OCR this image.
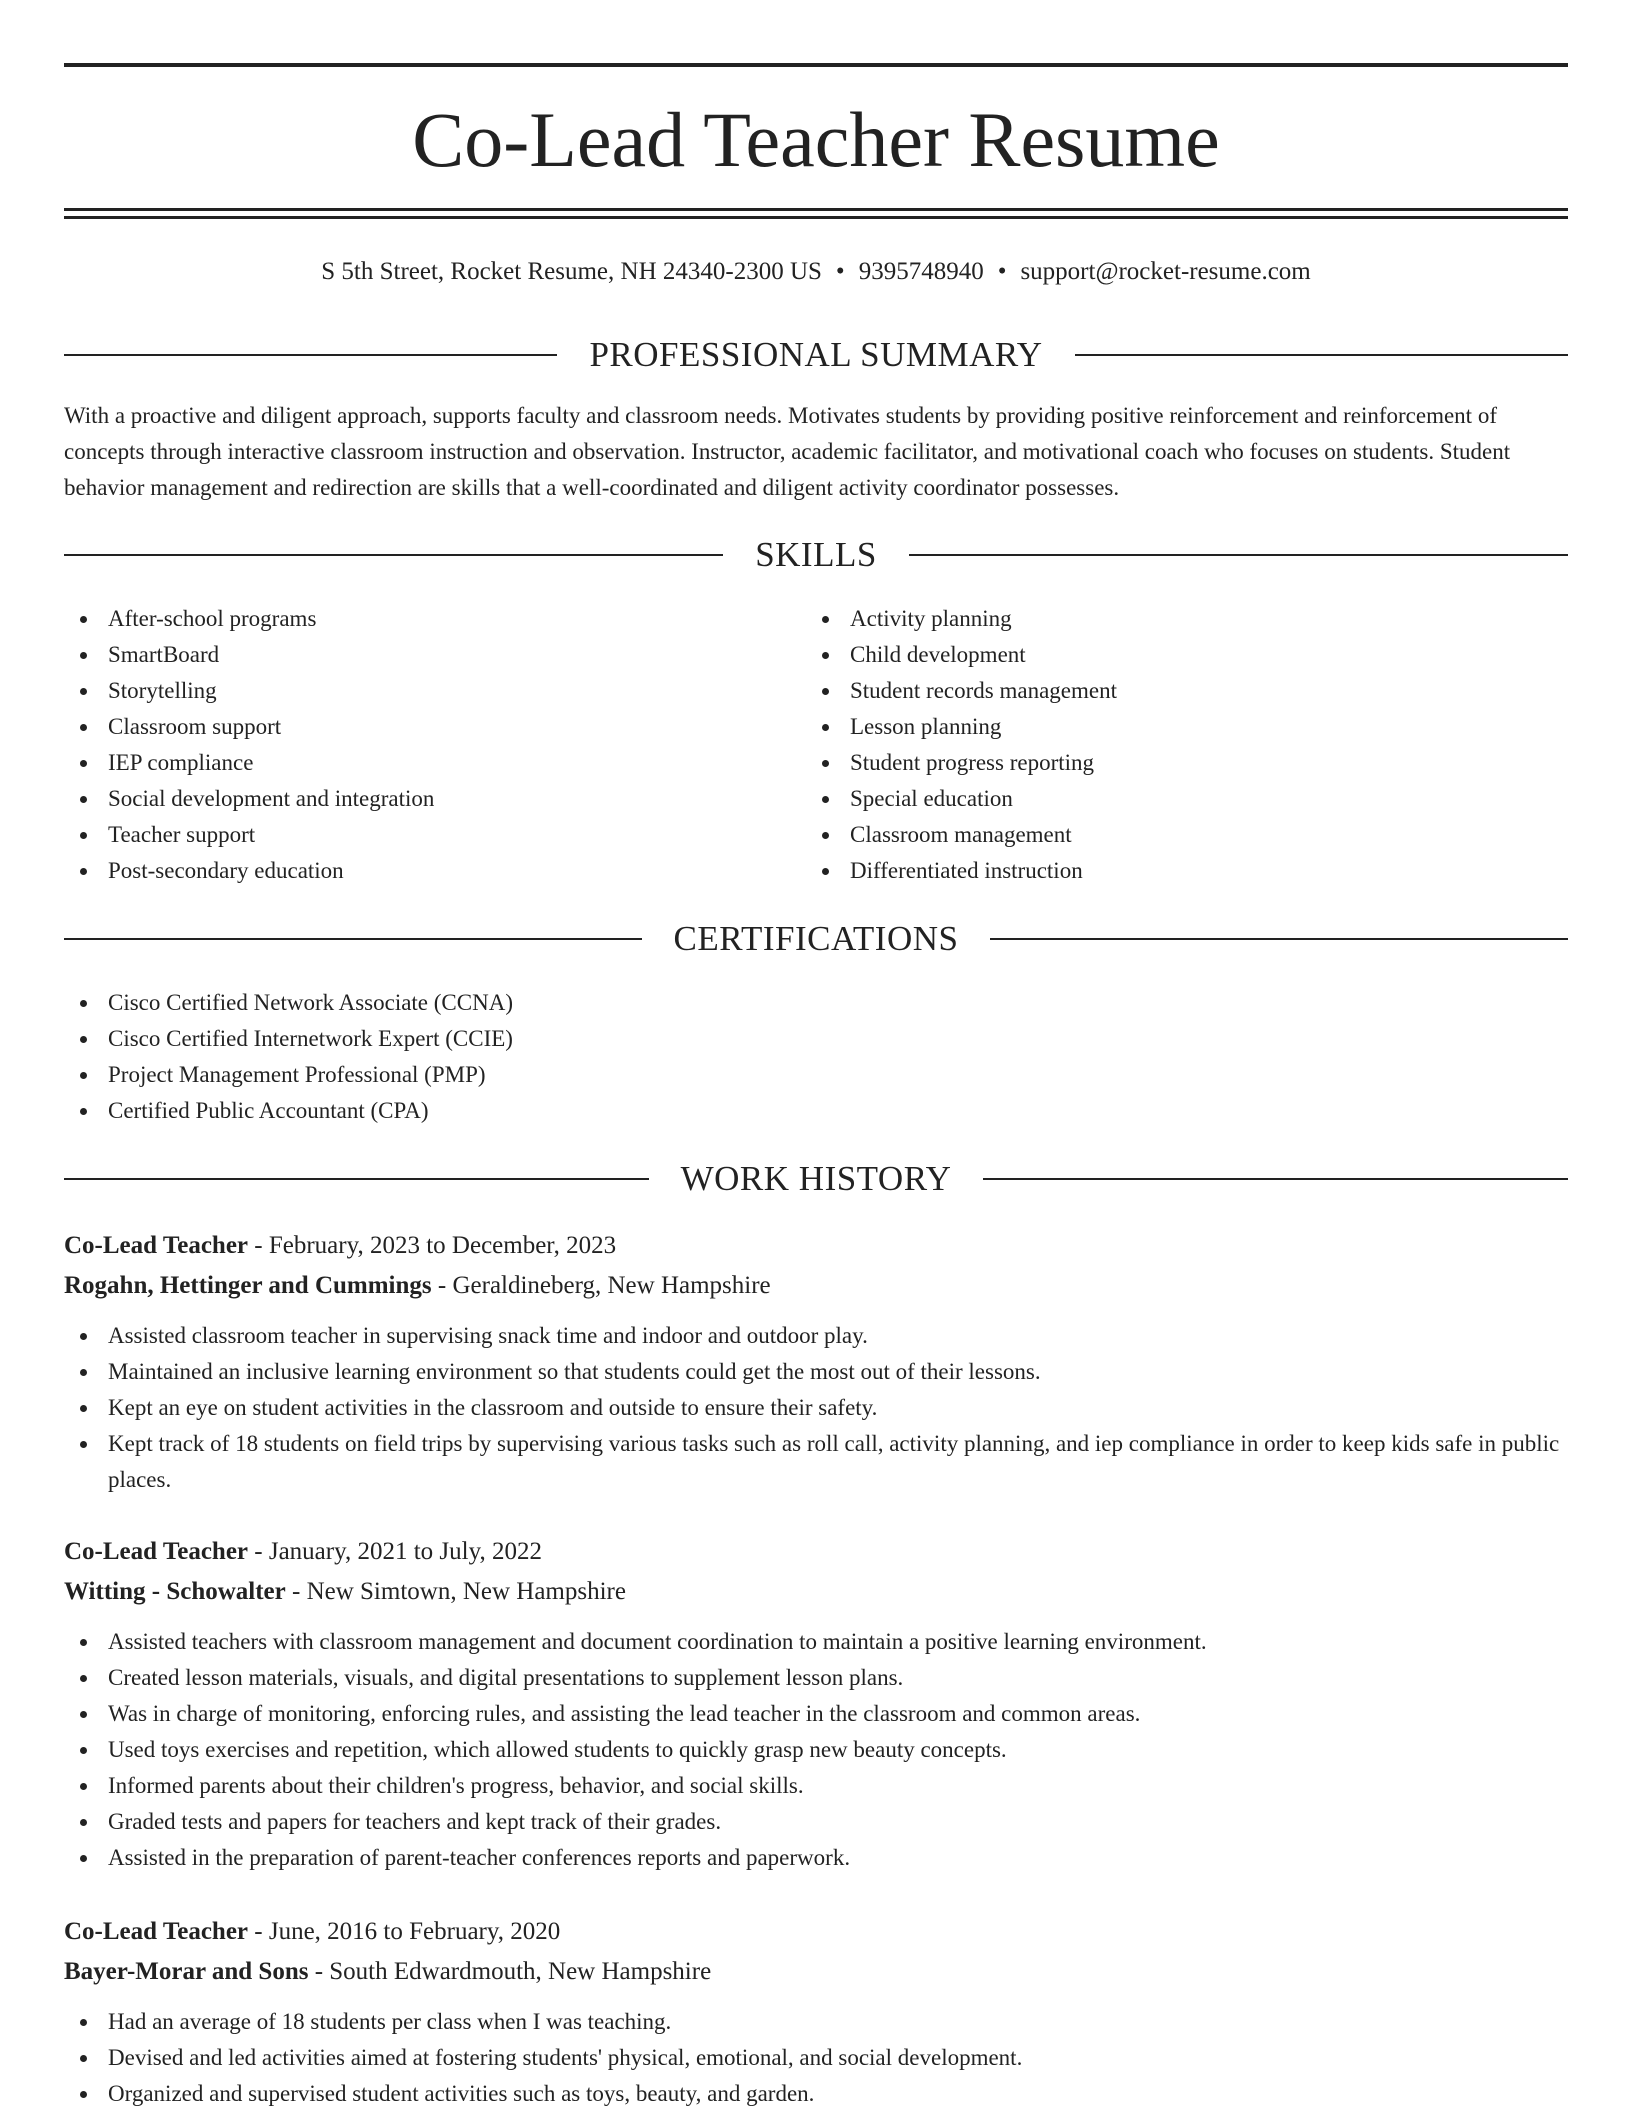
Co-Lead Teacher Resume
S 5th Street, Rocket Resume, NH 24340-2300 US • 9395748940 • support@rocket-resume.com
PROFESSIONAL SUMMARY
With a proactive and diligent approach, supports faculty and classroom needs. Motivates students by providing positive reinforcement and reinforcement of concepts through interactive classroom instruction and observation. Instructor, academic facilitator, and motivational coach who focuses on students. Student behavior management and redirection are skills that a well-coordinated and diligent activity coordinator possesses.
SKILLS
After-school programs
SmartBoard
Storytelling
Classroom support
IEP compliance
Social development and integration
Teacher support
Post-secondary education
Activity planning
Child development
Student records management
Lesson planning
Student progress reporting
Special education
Classroom management
Differentiated instruction
CERTIFICATIONS
Cisco Certified Network Associate (CCNA)
Cisco Certified Internetwork Expert (CCIE)
Project Management Professional (PMP)
Certified Public Accountant (CPA)
WORK HISTORY
Co-Lead Teacher - February, 2023 to December, 2023
Rogahn, Hettinger and Cummings - Geraldineberg, New Hampshire
Assisted classroom teacher in supervising snack time and indoor and outdoor play.
Maintained an inclusive learning environment so that students could get the most out of their lessons.
Kept an eye on student activities in the classroom and outside to ensure their safety.
Kept track of 18 students on field trips by supervising various tasks such as roll call, activity planning, and iep compliance in order to keep kids safe in public places.
Co-Lead Teacher - January, 2021 to July, 2022
Witting - Schowalter - New Simtown, New Hampshire
Assisted teachers with classroom management and document coordination to maintain a positive learning environment.
Created lesson materials, visuals, and digital presentations to supplement lesson plans.
Was in charge of monitoring, enforcing rules, and assisting the lead teacher in the classroom and common areas.
Used toys exercises and repetition, which allowed students to quickly grasp new beauty concepts.
Informed parents about their children's progress, behavior, and social skills.
Graded tests and papers for teachers and kept track of their grades.
Assisted in the preparation of parent-teacher conferences reports and paperwork.
Co-Lead Teacher - June, 2016 to February, 2020
Bayer-Morar and Sons - South Edwardmouth, New Hampshire
Had an average of 18 students per class when I was teaching.
Devised and led activities aimed at fostering students' physical, emotional, and social development.
Organized and supervised student activities such as toys, beauty, and garden.
